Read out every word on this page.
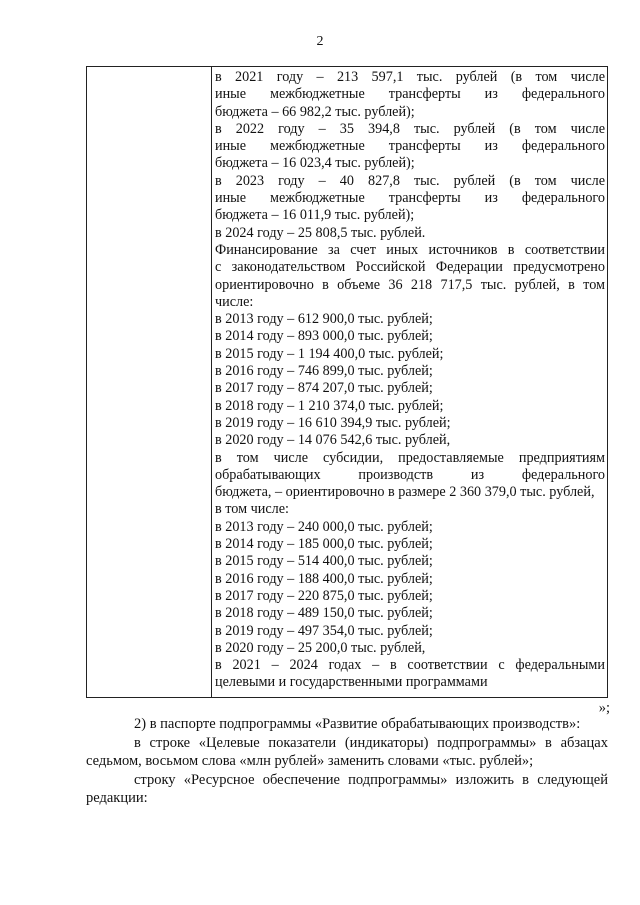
2

в 2021 году – 213 597,1 тыс. рублей (в том числе

иные межбюджетные трансферты из федерального

бюджета – 66 982,2 тыс. рублей);

в 2022 году – 35 394,8 тыс. рублей (в том числе

иные межбюджетные трансферты из федерального

бюджета – 16 023,4 тыс. рублей);

в 2023 году – 40 827,8 тыс. рублей (в том числе

иные межбюджетные трансферты из федерального

бюджета – 16 011,9 тыс. рублей);

в 2024 году – 25 808,5 тыс. рублей.

Финансирование за счет иных источников в соответствии

с законодательством Российской Федерации предусмотрено

ориентировочно в объеме 36 218 717,5 тыс. рублей, в том

числе:

в 2013 году – 612 900,0 тыс. рублей;

в 2014 году – 893 000,0 тыс. рублей;

в 2015 году – 1 194 400,0 тыс. рублей;

в 2016 году – 746 899,0 тыс. рублей;

в 2017 году – 874 207,0 тыс. рублей;

в 2018 году – 1 210 374,0 тыс. рублей;

в 2019 году – 16 610 394,9 тыс. рублей;

в 2020 году – 14 076 542,6 тыс. рублей,

в том числе субсидии, предоставляемые предприятиям

обрабатывающих производств из федерального

бюджета, – ориентировочно в размере 2 360 379,0 тыс. рублей,

в том числе:

в 2013 году – 240 000,0 тыс. рублей;

в 2014 году – 185 000,0 тыс. рублей;

в 2015 году – 514 400,0 тыс. рублей;

в 2016 году – 188 400,0 тыс. рублей;

в 2017 году – 220 875,0 тыс. рублей;

в 2018 году – 489 150,0 тыс. рублей;

в 2019 году – 497 354,0 тыс. рублей;

в 2020 году – 25 200,0 тыс. рублей,

в 2021 – 2024 годах – в соответствии с федеральными

целевыми и государственными программами

»;

2) в паспорте подпрограммы «Развитие обрабатывающих производств»:

в строке «Целевые показатели (индикаторы) подпрограммы» в абзацах

седьмом, восьмом слова «млн рублей» заменить словами «тыс. рублей»;

строку «Ресурсное обеспечение подпрограммы» изложить в следующей

редакции:
